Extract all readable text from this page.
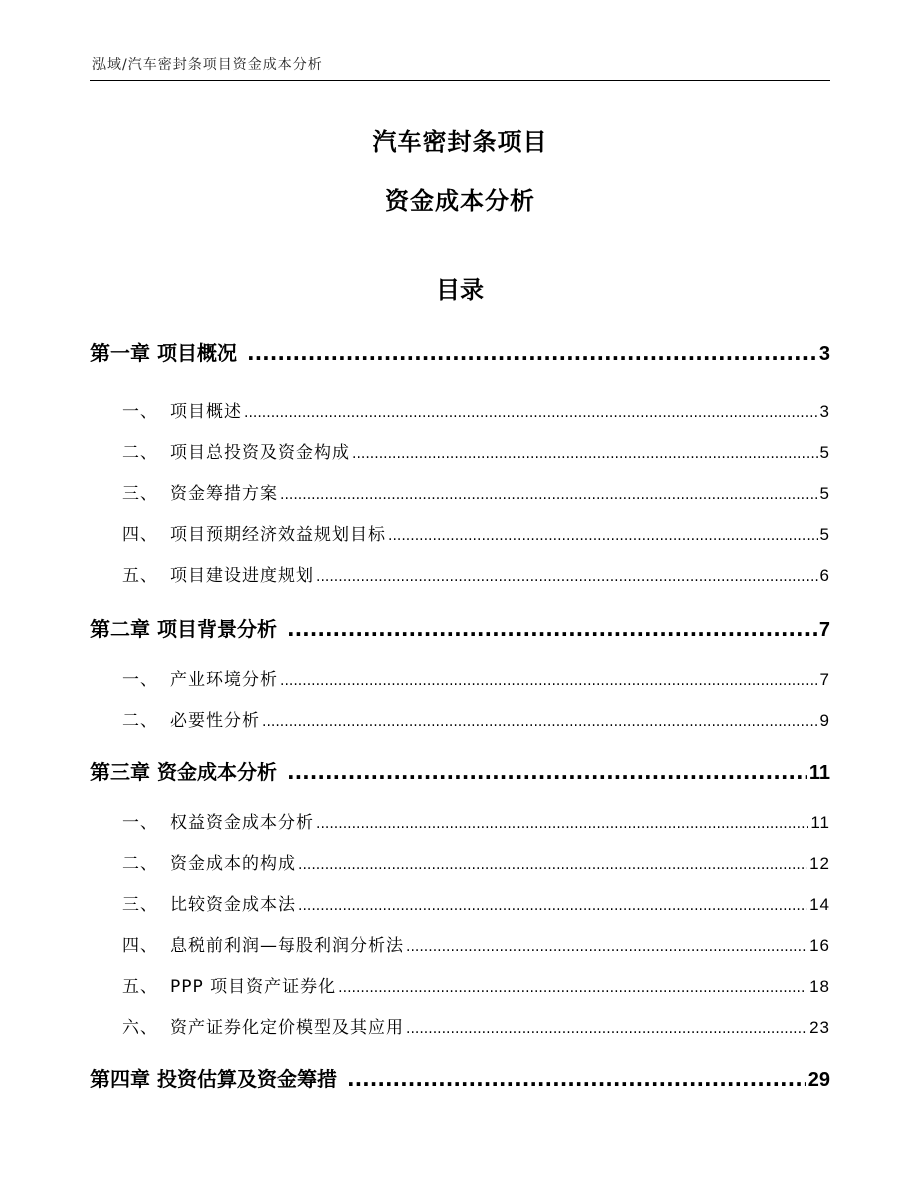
泓域/汽车密封条项目资金成本分析
汽车密封条项目
资金成本分析
目录
第一章 项目概况 .....	3
一、 项目概述 .....	3
二、 项目总投资及资金构成 .....	5
三、 资金筹措方案 .....	5
四、 项目预期经济效益规划目标 .....	5
五、 项目建设进度规划 .....	6
第二章 项目背景分析 .....	7
一、 产业环境分析 .....	7
二、 必要性分析 .....	9
第三章 资金成本分析 .....	11
一、 权益资金成本分析 .....	11
二、 资金成本的构成 .....	12
三、 比较资金成本法 .....	14
四、 息税前利润—每股利润分析法 .....	16
五、 PPP 项目资产证券化 .....	18
六、 资产证券化定价模型及其应用 .....	23
第四章 投资估算及资金筹措 .....	29
